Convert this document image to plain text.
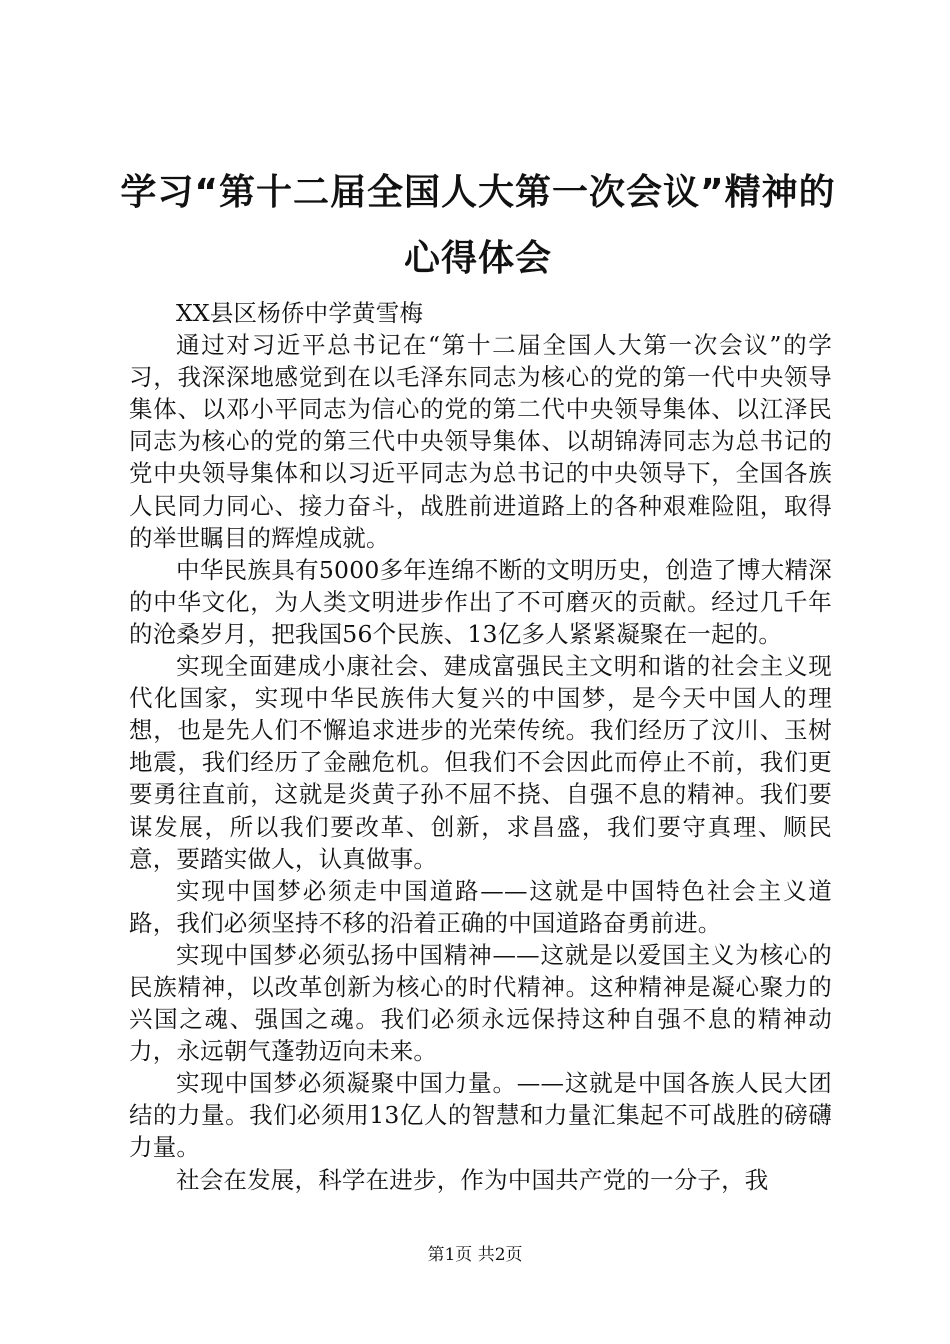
学习“第十二届全国人大第一次会议”精神的心得体会

XX县区杨侨中学黄雪梅

通过对习近平总书记在“第十二届全国人大第一次会议”的学习，我深深地感觉到在以毛泽东同志为核心的党的第一代中央领导集体、以邓小平同志为信心的党的第二代中央领导集体、以江泽民同志为核心的党的第三代中央领导集体、以胡锦涛同志为总书记的党中央领导集体和以习近平同志为总书记的中央领导下，全国各族人民同力同心、接力奋斗，战胜前进道路上的各种艰难险阻，取得的举世瞩目的辉煌成就。

中华民族具有5000多年连绵不断的文明历史，创造了博大精深的中华文化，为人类文明进步作出了不可磨灭的贡献。经过几千年的沧桑岁月，把我国56个民族、13亿多人紧紧凝聚在一起的。

实现全面建成小康社会、建成富强民主文明和谐的社会主义现代化国家，实现中华民族伟大复兴的中国梦，是今天中国人的理想，也是先人们不懈追求进步的光荣传统。我们经历了汶川、玉树地震，我们经历了金融危机。但我们不会因此而停止不前，我们更要勇往直前，这就是炎黄子孙不屈不挠、自强不息的精神。我们要谋发展，所以我们要改革、创新，求昌盛，我们要守真理、顺民意，要踏实做人，认真做事。

实现中国梦必须走中国道路——这就是中国特色社会主义道路，我们必须坚持不移的沿着正确的中国道路奋勇前进。

实现中国梦必须弘扬中国精神——这就是以爱国主义为核心的民族精神，以改革创新为核心的时代精神。这种精神是凝心聚力的兴国之魂、强国之魂。我们必须永远保持这种自强不息的精神动力，永远朝气蓬勃迈向未来。

实现中国梦必须凝聚中国力量。——这就是中国各族人民大团结的力量。我们必须用13亿人的智慧和力量汇集起不可战胜的磅礴力量。

社会在发展，科学在进步，作为中国共产党的一分子，我

第1页 共2页
